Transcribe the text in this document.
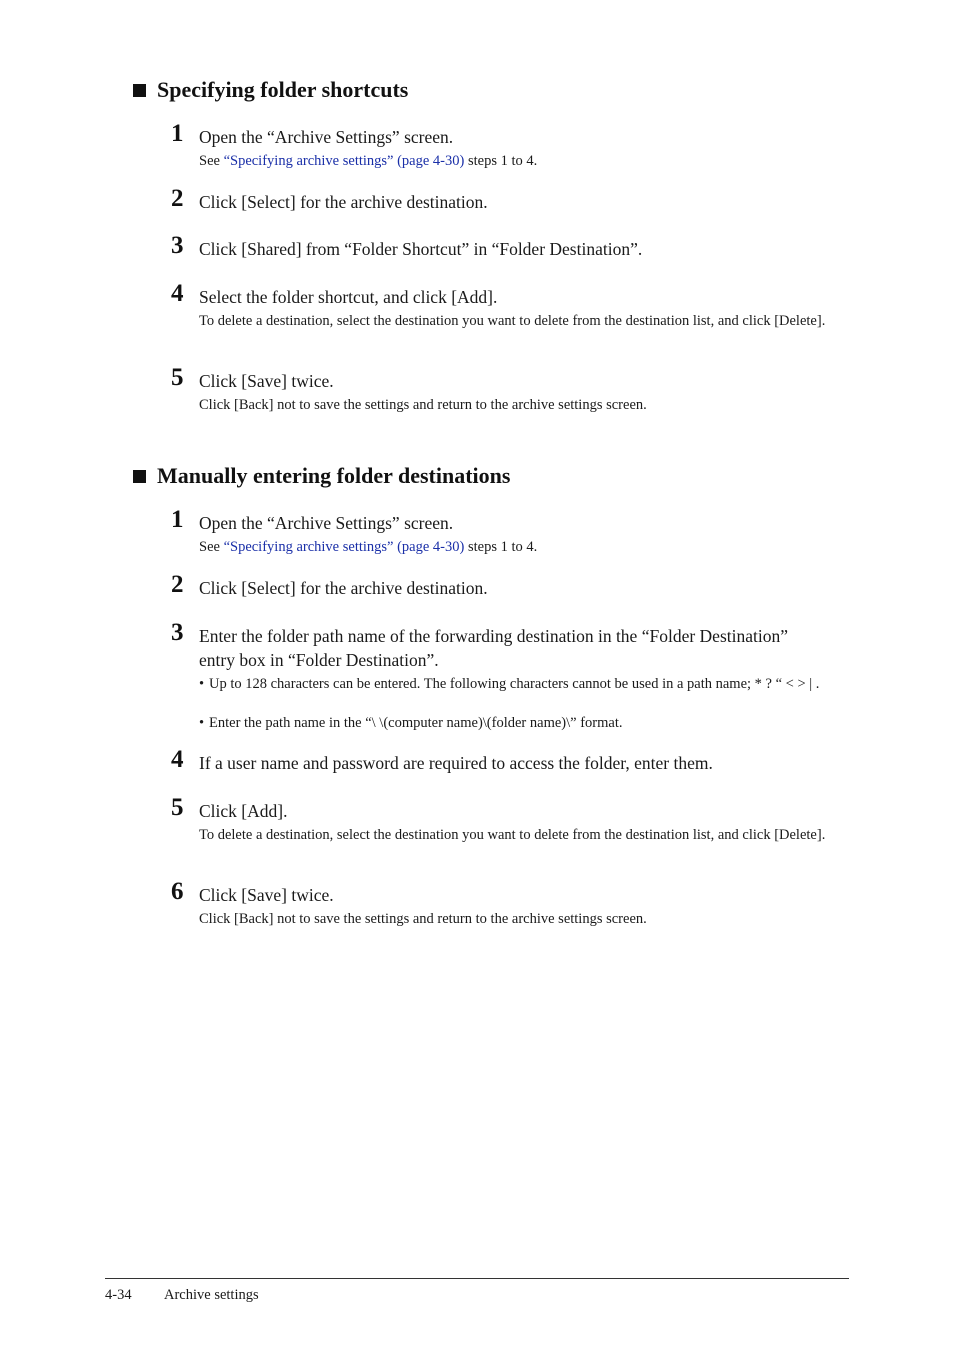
Specifying folder shortcuts
1 Open the “Archive Settings” screen.
See “Specifying archive settings” (page 4-30) steps 1 to 4.
2 Click [Select] for the archive destination.
3 Click [Shared] from “Folder Shortcut” in “Folder Destination”.
4 Select the folder shortcut, and click [Add].
To delete a destination, select the destination you want to delete from the destination list, and click [Delete].
5 Click [Save] twice.
Click [Back] not to save the settings and return to the archive settings screen.
Manually entering folder destinations
1 Open the “Archive Settings” screen.
See “Specifying archive settings” (page 4-30) steps 1 to 4.
2 Click [Select] for the archive destination.
3 Enter the folder path name of the forwarding destination in the “Folder Destination” entry box in “Folder Destination”.
• Up to 128 characters can be entered. The following characters cannot be used in a path name; * ? “ < > | .
• Enter the path name in the “\ \(computer name)\(folder name)\” format.
4 If a user name and password are required to access the folder, enter them.
5 Click [Add].
To delete a destination, select the destination you want to delete from the destination list, and click [Delete].
6 Click [Save] twice.
Click [Back] not to save the settings and return to the archive settings screen.
4-34 Archive settings
